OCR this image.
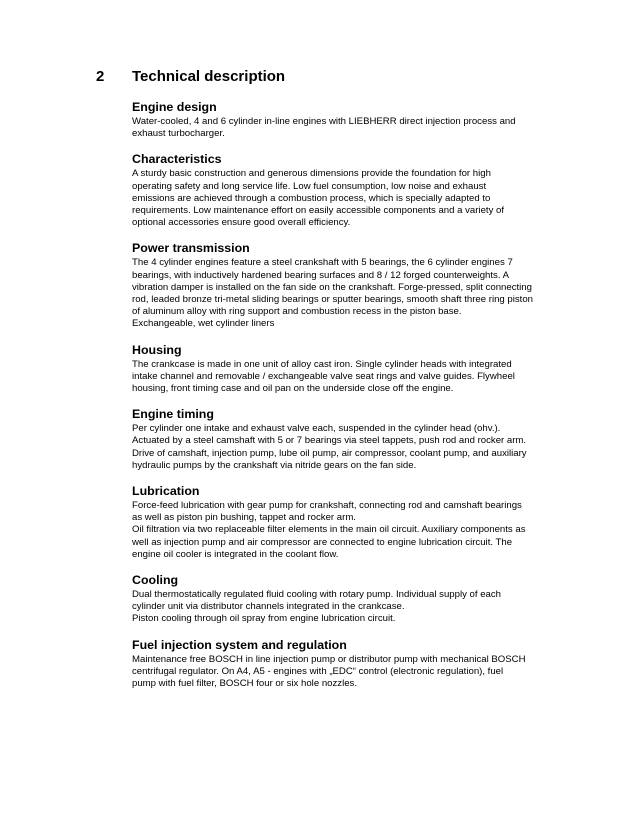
2 Technical description
Engine design
Water-cooled, 4 and 6 cylinder in-line engines with LIEBHERR direct injection process and
exhaust turbocharger.
Characteristics
A sturdy basic construction and generous dimensions provide the foundation for high
operating safety and long service life. Low fuel consumption, low noise and exhaust
emissions are achieved through a combustion process, which is specially adapted to
requirements. Low maintenance effort on easily accessible components and a variety of
optional accessories ensure good overall efficiency.
Power transmission
The 4 cylinder engines feature a steel crankshaft with 5 bearings, the 6 cylinder engines 7
bearings, with inductively hardened bearing surfaces and 8 / 12 forged counterweights. A
vibration damper is installed on the fan side on the crankshaft. Forge-pressed, split connecting
rod, leaded bronze tri-metal sliding bearings or sputter bearings, smooth shaft three ring piston
of aluminum alloy with ring support and combustion recess in the piston base.
Exchangeable, wet cylinder liners
Housing
The crankcase is made in one unit of alloy cast iron. Single cylinder heads with integrated
intake channel and removable / exchangeable valve seat rings and valve guides. Flywheel
housing, front timing case and oil pan on the underside close off the engine.
Engine timing
Per cylinder one intake and exhaust valve each, suspended in the cylinder head (ohv.).
Actuated by a steel camshaft with 5 or 7 bearings via steel tappets, push rod and rocker arm.
Drive of camshaft, injection pump, lube oil pump, air compressor, coolant pump, and auxiliary
hydraulic pumps by the crankshaft via nitride gears on the fan side.
Lubrication
Force-feed lubrication with gear pump for crankshaft, connecting rod and camshaft bearings
as well as piston pin bushing, tappet and rocker arm.
Oil filtration via two replaceable filter elements in the main oil circuit. Auxiliary components as
well as injection pump and air compressor are connected to engine lubrication circuit. The
engine oil cooler is integrated in the coolant flow.
Cooling
Dual thermostatically regulated fluid cooling with rotary pump. Individual supply of each
cylinder unit via distributor channels integrated in the crankcase.
Piston cooling through oil spray from engine lubrication circuit.
Fuel injection system and regulation
Maintenance free BOSCH in line injection pump or distributor pump with mechanical BOSCH
centrifugal regulator. On A4, A5 - engines with „EDC“ control (electronic regulation), fuel
pump with fuel filter, BOSCH four or six hole nozzles.
